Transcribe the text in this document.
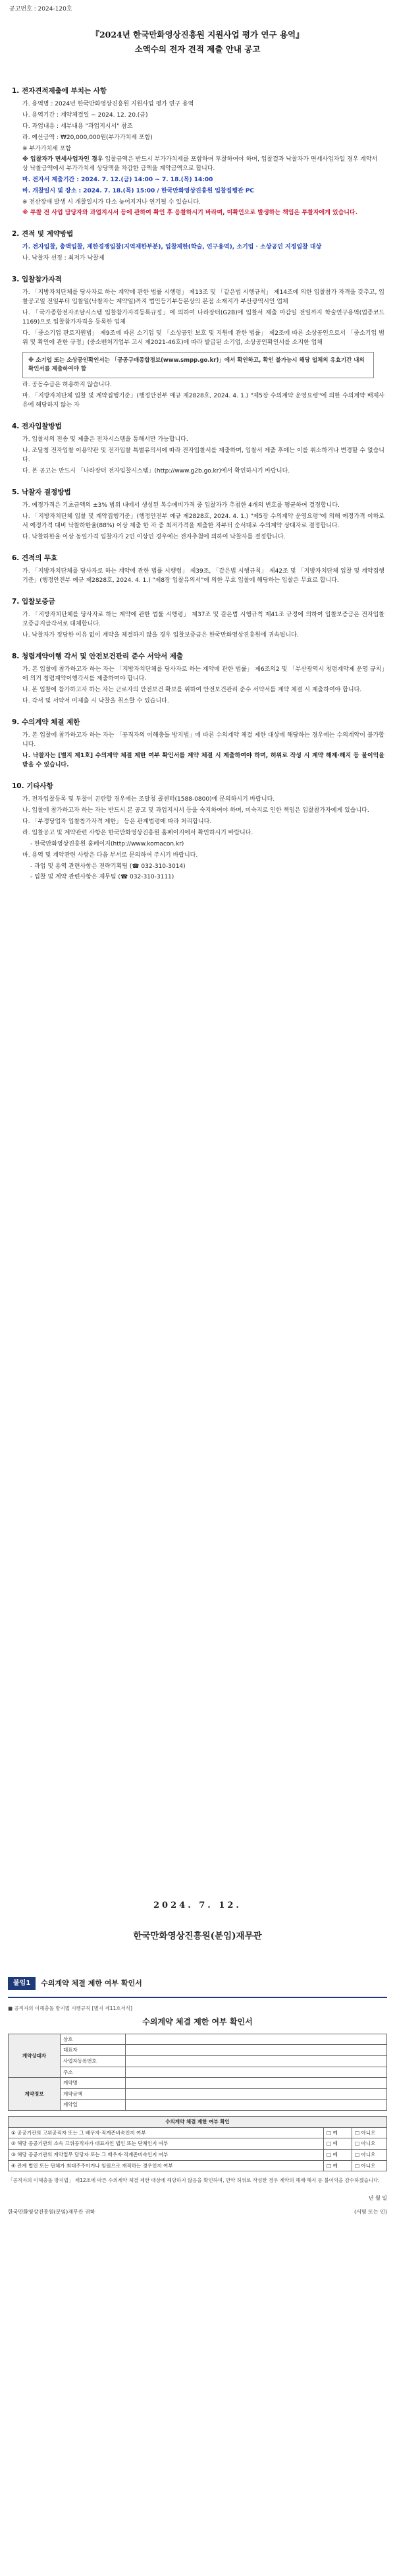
공고번호 : 2024-120호
『2024년 한국만화영상진흥원 지원사업 평가 연구 용역』
소액수의 전자 견적 제출 안내 공고
1. 전자견적제출에 부치는 사항
가. 용역명 : 2024년 한국만화영상진흥원 지원사업 평가 연구 용역
나. 용역기간 : 계약체결일 ~ 2024. 12. 20.(금)
다. 과업내용 : 세부내용 "과업지시서" 참조
라. 예산금액 : ₩20,000,000원(부가가치세 포함)
※ 부가가치세 포함
※ 입찰자가 면세사업자인 경우 입찰금액은 반드시 부가가치세를 포함하여 투찰하여야 하며, 입찰결과 낙찰자가 면세사업자일 경우 계약서 상 낙찰금액에서 부가가치세 상당액을 차감한 금액을 계약금액으로 합니다.
마. 전자서 제출기간 : 2024. 7. 12.(금) 14:00 ~ 7. 18.(목) 14:00
바. 개찰일시 및 장소 : 2024. 7. 18.(목) 15:00 / 한국만화영상진흥원 입찰집행관 PC
※ 전산장애 발생 시 개찰일시가 다소 늦어지거나 연기될 수 있습니다.
※ 투찰 전 사업 담당자와 과업지시서 등에 관하여 확인 후 응찰하시기 바라며, 미확인으로 발생하는 책임은 투찰자에게 있습니다.
2. 견적 및 계약방법
가. 전자입찰, 총액입찰, 제한경쟁입찰(지역제한부분), 입찰제한(학술, 연구용역), 소기업 · 소상공인 지정입찰 대상
나. 낙찰자 선정 : 최저가 낙찰제
3. 입찰참가자격
가. 「지방자치단체를 당사자로 하는 계약에 관한 법률 시행령」 제13조 및 「같은법 시행규칙」 제14조에 의한 입찰참가 자격을 갖추고, 입찰공고일 전일부터 입찰일(낙찰자는 계약일)까지 법인등기부등본상의 본점 소재지가 부산광역시인 업체
나. 「국가종합전자조달시스템 입찰참가자격등록규정」에 의하여 나라장터(G2B)에 입찰서 제출 마감일 전일까지 학술연구용역(업종코드 1169)으로 입찰참가자격을 등록한 업체
다. 「중소기업 판로지원법」 제9조에 따른 소기업 및 「소상공인 보호 및 지원에 관한 법률」 제2조에 따른 소상공인으로서 「중소기업 범위 및 확인에 관한 규정」(중소벤처기업부 고시 제2021-46호)에 따라 발급된 소기업, 소상공인확인서를 소지한 업체
※ 소기업 또는 소상공인확인서는 「공공구매종합정보(www.smpp.go.kr)」에서 확인하고, 확인 불가능시 해당 업체의 유효기간 내의 확인서를 제출하여야 함
라. 공동수급은 허용하지 않습니다.
마. 「지방자치단체 입찰 및 계약집행기준」(행정안전부 예규 제2828호, 2024. 4. 1.) "제5장 수의계약 운영요령"에 의한 수의계약 배제사유에 해당하지 않는 자
4. 전자입찰방법
가. 입찰서의 전송 및 제출은 전자시스템을 통해서만 가능합니다.
나. 조달청 전자입찰 이용약관 및 전자입찰 특별유의서에 따라 전자입찰서를 제출하며, 입찰서 제출 후에는 이를 취소하거나 변경할 수 없습니다.
다. 본 공고는 반드시 「나라장터 전자입찰시스템」(http://www.g2b.go.kr)에서 확인하시기 바랍니다.
5. 낙찰자 결정방법
가. 예정가격은 기초금액의 ±3% 범위 내에서 생성된 복수예비가격 중 입찰자가 추첨한 4개의 번호를 평균하여 결정합니다.
나. 「지방자치단체 입찰 및 계약집행기준」(행정안전부 예규 제2828호, 2024. 4. 1.) "제5장 수의계약 운영요령"에 의해 예정가격 이하로서 예정가격 대비 낙찰하한율(88%) 이상 제출 한 자 중 최저가격을 제출한 자부터 순서대로 수의계약 상대자로 결정합니다.
다. 낙찰하한율 이상 동일가격 입찰자가 2인 이상인 경우에는 전자추첨에 의하여 낙찰자를 결정합니다.
6. 견적의 무효
가. 「지방자치단체를 당사자로 하는 계약에 관한 법률 시행령」 제39조, 「같은법 시행규칙」 제42조 및 「지방자치단체 입찰 및 계약집행기준」(행정안전부 예규 제2828호, 2024. 4. 1.) "제8장 입찰유의서"에 의한 무효 입찰에 해당하는 입찰은 무효로 합니다.
7. 입찰보증금
가. 「지방자치단체를 당사자로 하는 계약에 관한 법률 시행령」 제37조 및 같은법 시행규칙 제41조 규정에 의하여 입찰보증금은 전자입찰보증금지급각서로 대체합니다.
나. 낙찰자가 정당한 이유 없이 계약을 체결하지 않을 경우 입찰보증금은 한국만화영상진흥원에 귀속됩니다.
8. 청렴계약이행 각서 및 안전보건관리 준수 서약서 제출
가. 본 입찰에 참가하고자 하는 자는 「지방자치단체를 당사자로 하는 계약에 관한 법률」 제6조의2 및 「부산광역시 청렴계약제 운영 규칙」에 의거 청렴계약이행각서를 제출하여야 합니다.
나. 본 입찰에 참가하고자 하는 자는 근로자의 안전보건 확보를 위하여 안전보건관리 준수 서약서를 계약 체결 시 제출하여야 합니다.
다. 각서 및 서약서 미제출 시 낙찰을 취소할 수 있습니다.
9. 수의계약 체결 제한
가. 본 입찰에 참가하고자 하는 자는 「공직자의 이해충돌 방지법」에 따른 수의계약 체결 제한 대상에 해당하는 경우에는 수의계약이 불가합니다.
나. 낙찰자는 [별지 제1호] 수의계약 체결 제한 여부 확인서를 계약 체결 시 제출하여야 하며, 허위로 작성 시 계약 해제·해지 등 불이익을 받을 수 있습니다.
10. 기타사항
가. 전자입찰등록 및 투찰이 곤란할 경우에는 조달청 콜센터(1588-0800)에 문의하시기 바랍니다.
나. 입찰에 참가하고자 하는 자는 반드시 본 공고 및 과업지시서 등을 숙지하여야 하며, 미숙지로 인한 책임은 입찰참가자에게 있습니다.
다. 「부정당업자 입찰참가자격 제한」 등은 관계법령에 따라 처리합니다.
라. 입찰공고 및 계약관련 사항은 한국만화영상진흥원 홈페이지에서 확인하시기 바랍니다.
- 한국만화영상진흥원 홈페이지(http://www.komacon.kr)
마. 용역 및 계약관련 사항은 다음 부서로 문의하여 주시기 바랍니다.
- 과업 및 용역 관련사항은 전략기획팀 (☎ 032-310-3014)
- 입찰 및 계약 관련사항은 재무팀 (☎ 032-310-3111)
2024. 7. 12.
한국만화영상진흥원(분임)재무관
붙임1	수의계약 체결 제한 여부 확인서
■ 공직자의 이해충돌 방지법 시행규칙 [별지 제11호서식]
수의계약 체결 제한 여부 확인서
계약상대자	상호	
	대표자	
	사업자등록번호	
	주소	
계약정보	계약명	
	계약금액	
	계약일	
수의계약 체결 제한 여부 확인		
① 공공기관의 고위공직자 또는 그 배우자·직계존비속인지 여부	□ 예	□ 아니오
② 해당 공공기관의 소속 고위공직자가 대표자인 법인 또는 단체인지 여부	□ 예	□ 아니오
③ 해당 공공기관의 계약업무 담당자 또는 그 배우자·직계존비속인지 여부	□ 예	□ 아니오
④ 관계 법인 또는 단체가 최대주주이거나 임원으로 재직하는 경우인지 여부	□ 예	□ 아니오
「공직자의 이해충돌 방지법」 제12조에 따른 수의계약 체결 제한 대상에 해당하지 않음을 확인하며, 만약 허위로 작성한 경우 계약의 해제·해지 등 불이익을 감수하겠습니다.
년 월 일
한국만화영상진흥원(분임)재무관 귀하	(서명 또는 인)
